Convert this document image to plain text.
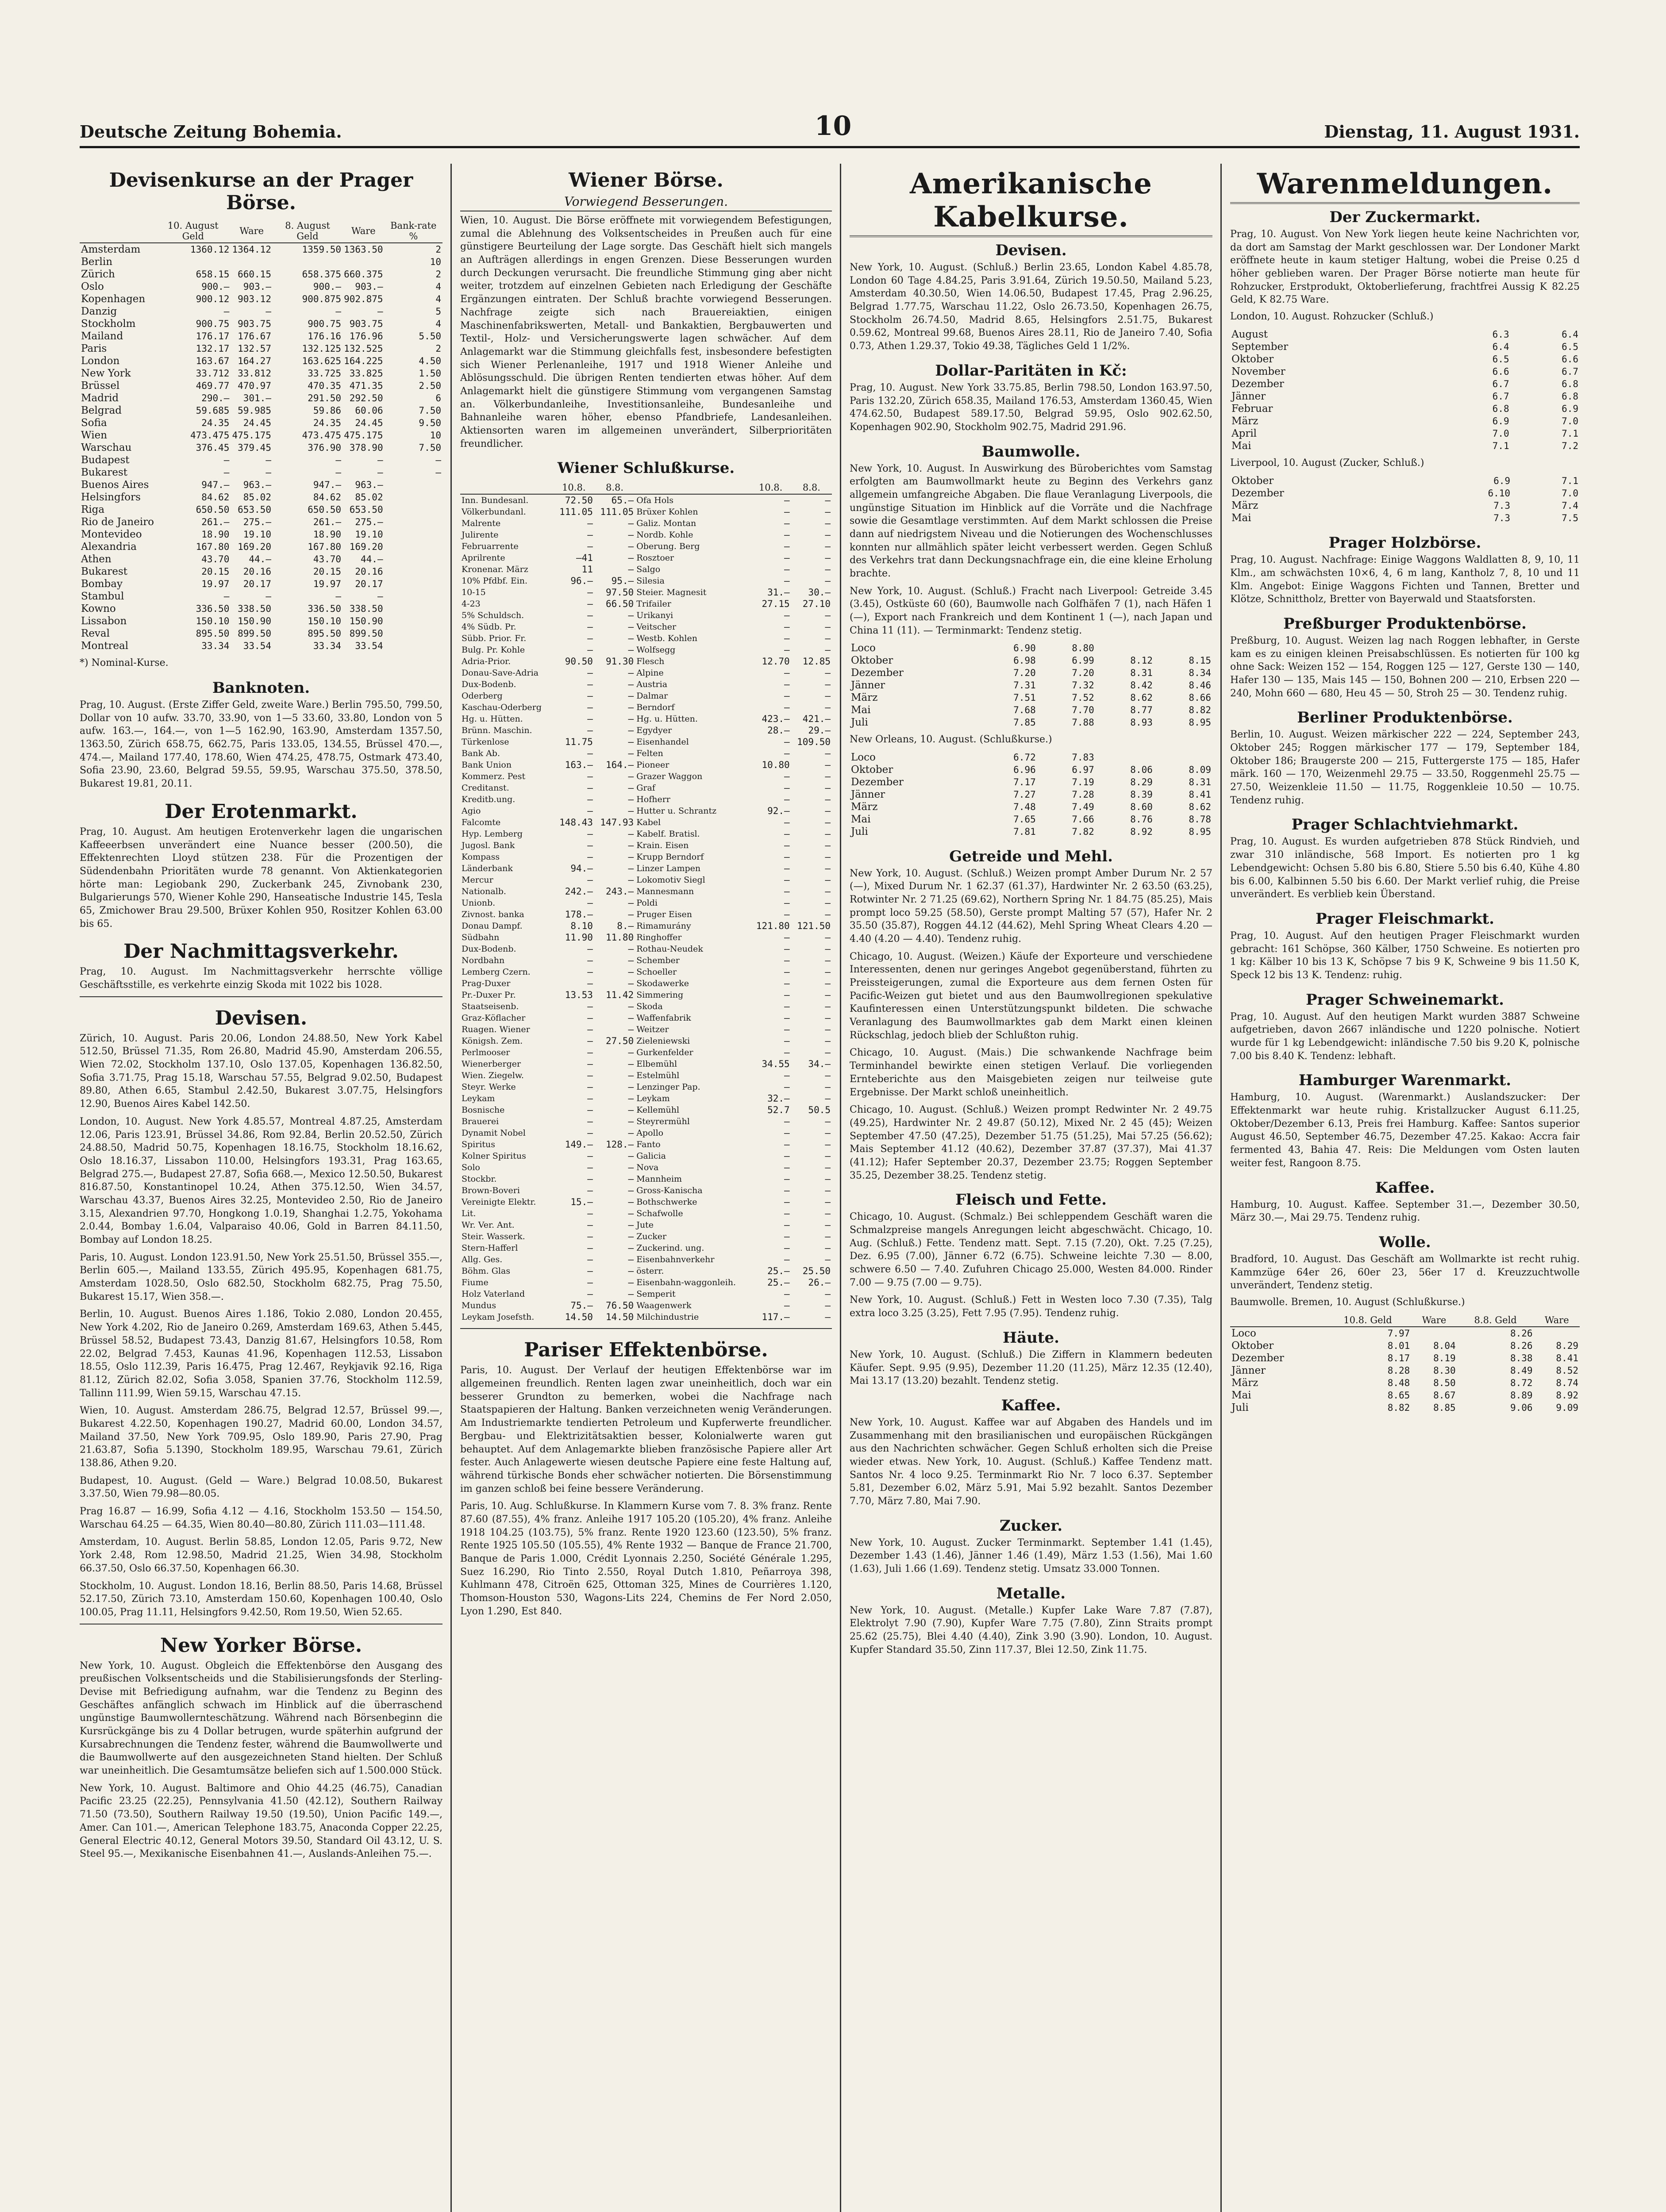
Deutsche Zeitung Bohemia.	10	Dienstag, 11. August 1931.
Devisenkurse an der Prager Börse.
	10. August Geld	Ware	8. August Geld	Ware	Bank-rate %
Amsterdam	1360.12	1364.12	1359.50	1363.50	2
Berlin					10
Zürich	658.15	660.15	658.375	660.375	2
Oslo	900.—	903.—	900.—	903.—	4
Kopenhagen	900.12	903.12	900.875	902.875	4
Danzig	—	—	—	—	5
Stockholm	900.75	903.75	900.75	903.75	4
Mailand	176.17	176.67	176.16	176.96	5.50
Paris	132.17	132.57	132.125	132.525	2
London	163.67	164.27	163.625	164.225	4.50
New York	33.712	33.812	33.725	33.825	1.50
Brüssel	469.77	470.97	470.35	471.35	2.50
Madrid	290.—	301.—	291.50	292.50	6
Belgrad	59.685	59.985	59.86	60.06	7.50
Sofia	24.35	24.45	24.35	24.45	9.50
Wien	473.475	475.175	473.475	475.175	10
Warschau	376.45	379.45	376.90	378.90	7.50
Budapest	—	—	—	—	—
Bukarest	—	—	—	—	—
Buenos Aires	947.—	963.—	947.—	963.—	
Helsingfors	84.62	85.02	84.62	85.02	
Riga	650.50	653.50	650.50	653.50	
Rio de Janeiro	261.—	275.—	261.—	275.—	
Montevideo	18.90	19.10	18.90	19.10	
Alexandria	167.80	169.20	167.80	169.20	
Athen	43.70	44.—	43.70	44.—	
Bukarest	20.15	20.16	20.15	20.16	
Bombay	19.97	20.17	19.97	20.17	
Stambul	—	—	—	—	
Kowno	336.50	338.50	336.50	338.50	
Lissabon	150.10	150.90	150.10	150.90	
Reval	895.50	899.50	895.50	899.50	
Montreal	33.34	33.54	33.34	33.54	
*) Nominal-Kurse.
Banknoten.

Prag, 10. August. (Erste Ziffer Geld, zweite Ware.) Berlin 795.50, 799.50, Dollar von 10 aufw. 33.70, 33.90, von 1—5 33.60, 33.80, London von 5 aufw. 163.—, 164.—, von 1—5 162.90, 163.90, Amsterdam 1357.50, 1363.50, Zürich 658.75, 662.75, Paris 133.05, 134.55, Brüssel 470.—, 474.—, Mailand 177.40, 178.60, Wien 474.25, 478.75, Ostmark 473.40, Sofia 23.90, 23.60, Belgrad 59.55, 59.95, Warschau 375.50, 378.50, Bukarest 19.81, 20.11.

Der Erotenmarkt.

Prag, 10. August. Am heutigen Erotenverkehr lagen die ungarischen Kaffeeerbsen unverändert eine Nuance besser (200.50), die Effektenrechten Lloyd stützen 238. Für die Prozentigen der Südendenbahn Prioritäten wurde 78 genannt. Von Aktienkategorien hörte man: Legiobank 290, Zuckerbank 245, Zivnobank 230, Bulgarierungs 570, Wiener Kohle 290, Hanseatische Industrie 145, Tesla 65, Zmichower Brau 29.500, Brüxer Kohlen 950, Rositzer Kohlen 63.00 bis 65.

Der Nachmittagsverkehr.

Prag, 10. August. Im Nachmittagsverkehr herrschte völlige Geschäftsstille, es verkehrte einzig Skoda mit 1022 bis 1028.

Devisen.

Zürich, 10. August. Paris 20.06, London 24.88.50, New York Kabel 512.50, Brüssel 71.35, Rom 26.80, Madrid 45.90, Amsterdam 206.55, Wien 72.02, Stockholm 137.10, Oslo 137.05, Kopenhagen 136.82.50, Sofia 3.71.75, Prag 15.18, Warschau 57.55, Belgrad 9.02.50, Budapest 89.80, Athen 6.65, Stambul 2.42.50, Bukarest 3.07.75, Helsingfors 12.90, Buenos Aires Kabel 142.50.

London, 10. August. New York 4.85.57, Montreal 4.87.25, Amsterdam 12.06, Paris 123.91, Brüssel 34.86, Rom 92.84, Berlin 20.52.50, Zürich 24.88.50, Madrid 50.75, Kopenhagen 18.16.75, Stockholm 18.16.62, Oslo 18.16.37, Lissabon 110.00, Helsingfors 193.31, Prag 163.65, Belgrad 275.—, Budapest 27.87, Sofia 668.—, Mexico 12.50.50, Bukarest 816.87.50, Konstantinopel 10.24, Athen 375.12.50, Wien 34.57, Warschau 43.37, Buenos Aires 32.25, Montevideo 2.50, Rio de Janeiro 3.15, Alexandrien 97.70, Hongkong 1.0.19, Shanghai 1.2.75, Yokohama 2.0.44, Bombay 1.6.04, Valparaiso 40.06, Gold in Barren 84.11.50, Bombay auf London 18.25.

Paris, 10. August. London 123.91.50, New York 25.51.50, Brüssel 355.—, Berlin 605.—, Mailand 133.55, Zürich 495.95, Kopenhagen 681.75, Amsterdam 1028.50, Oslo 682.50, Stockholm 682.75, Prag 75.50, Bukarest 15.17, Wien 358.—.

Berlin, 10. August. Buenos Aires 1.186, Tokio 2.080, London 20.455, New York 4.202, Rio de Janeiro 0.269, Amsterdam 169.63, Athen 5.445, Brüssel 58.52, Budapest 73.43, Danzig 81.67, Helsingfors 10.58, Rom 22.02, Belgrad 7.453, Kaunas 41.96, Kopenhagen 112.53, Lissabon 18.55, Oslo 112.39, Paris 16.475, Prag 12.467, Reykjavik 92.16, Riga 81.12, Zürich 82.02, Sofia 3.058, Spanien 37.76, Stockholm 112.59, Tallinn 111.99, Wien 59.15, Warschau 47.15.

Wien, 10. August. Amsterdam 286.75, Belgrad 12.57, Brüssel 99.—, Bukarest 4.22.50, Kopenhagen 190.27, Madrid 60.00, London 34.57, Mailand 37.50, New York 709.95, Oslo 189.90, Paris 27.90, Prag 21.63.87, Sofia 5.1390, Stockholm 189.95, Warschau 79.61, Zürich 138.86, Athen 9.20.

Budapest, 10. August. (Geld — Ware.) Belgrad 10.08.50, Bukarest 3.37.50, Wien 79.98—80.05.

Prag 16.87 — 16.99, Sofia 4.12 — 4.16, Stockholm 153.50 — 154.50, Warschau 64.25 — 64.35, Wien 80.40—80.80, Zürich 111.03—111.48.

Amsterdam, 10. August. Berlin 58.85, London 12.05, Paris 9.72, New York 2.48, Rom 12.98.50, Madrid 21.25, Wien 34.98, Stockholm 66.37.50, Oslo 66.37.50, Kopenhagen 66.30.

Stockholm, 10. August. London 18.16, Berlin 88.50, Paris 14.68, Brüssel 52.17.50, Zürich 73.10, Amsterdam 150.60, Kopenhagen 100.40, Oslo 100.05, Prag 11.11, Helsingfors 9.42.50, Rom 19.50, Wien 52.65.

New Yorker Börse.

New York, 10. August. Obgleich die Effektenbörse den Ausgang des preußischen Volksentscheids und die Stabilisierungsfonds der Sterling-Devise mit Befriedigung aufnahm, war die Tendenz zu Beginn des Geschäftes anfänglich schwach im Hinblick auf die überraschend ungünstige Baumwollernteschätzung. Während nach Börsenbeginn die Kursrückgänge bis zu 4 Dollar betrugen, wurde späterhin aufgrund der Kursabrechnungen die Tendenz fester, während die Baumwollwerte und die Baumwollwerte auf den ausgezeichneten Stand hielten. Der Schluß war uneinheitlich. Die Gesamtumsätze beliefen sich auf 1.500.000 Stück.

New York, 10. August. Baltimore and Ohio 44.25 (46.75), Canadian Pacific 23.25 (22.25), Pennsylvania 41.50 (42.12), Southern Railway 71.50 (73.50), Southern Railway 19.50 (19.50), Union Pacific 149.—, Amer. Can 101.—, American Telephone 183.75, Anaconda Copper 22.25, General Electric 40.12, General Motors 39.50, Standard Oil 43.12, U. S. Steel 95.—, Mexikanische Eisenbahnen 41.—, Auslands-Anleihen 75.—.

Wiener Börse.
Vorwiegend Besserungen.

Wien, 10. August. Die Börse eröffnete mit vorwiegendem Befestigungen, zumal die Ablehnung des Volksentscheides in Preußen auch für eine günstigere Beurteilung der Lage sorgte. Das Geschäft hielt sich mangels an Aufträgen allerdings in engen Grenzen. Diese Besserungen wurden durch Deckungen verursacht. Die freundliche Stimmung ging aber nicht weiter, trotzdem auf einzelnen Gebieten nach Erledigung der Geschäfte Ergänzungen eintraten. Der Schluß brachte vorwiegend Besserungen. Nachfrage zeigte sich nach Brauereiaktien, einigen Maschinenfabrikswerten, Metall- und Bankaktien, Bergbauwerten und Textil-, Holz- und Versicherungswerte lagen schwächer. Auf dem Anlagemarkt war die Stimmung gleichfalls fest, insbesondere befestigten sich Wiener Perlenanleihe, 1917 und 1918 Wiener Anleihe und Ablösungsschuld. Die übrigen Renten tendierten etwas höher. Auf dem Anlagemarkt hielt die günstigere Stimmung vom vergangenen Samstag an. Völkerbundanleihe, Investitionsanleihe, Bundesanleihe und Bahnanleihe waren höher, ebenso Pfandbriefe, Landesanleihen. Aktiensorten waren im allgemeinen unverändert, Silberprioritäten freundlicher.

Wiener Schlußkurse.
	10.8.	8.8.		10.8.	8.8.
Inn. Bundesanl.	72.50	65.—	Ofa Hols	—	—
Völkerbundanl.	111.05	111.05	Brüxer Kohlen	—	—
Malrente	—	—	Galiz. Montan	—	—
Julirente	—	—	Nordb. Kohle	—	—
Februarrente	—	—	Oberung. Berg	—	—
Aprilrente	—41	—	Rosztoer	—	—
Kronenar. März	11	—	Salgo	—	—
10% Pfdbf. Ein.	96.—	95.—	Silesia	—	—
10-15	—	97.50	Steier. Magnesit	31.—	30.—
4-23	—	66.50	Trifailer	27.15	27.10
5% Schuldsch.	—	—	Urikanyi	—	—
4% Südb. Pr.	—	—	Veitscher	—	—
Sübb. Prior. Fr.	—	—	Westb. Kohlen	—	—
Bulg. Pr. Kohle	—	—	Wolfsegg	—	—
Adria-Prior.	90.50	91.30	Flesch	12.70	12.85
Donau-Save-Adria	—	—	Alpine	—	—
Dux-Bodenb.	—	—	Austria	—	—
Oderberg	—	—	Dalmar	—	—
Kaschau-Oderberg	—	—	Berndorf	—	—
Hg. u. Hütten.	—	—	Hg. u. Hütten.	423.—	421.—
Brünn. Maschin.	—	—	Egydyer	28.—	29.—
Türkenlose	11.75	—	Eisenhandel	—	109.50
Bank Ab.	—	—	Felten	—	—
Bank Union	163.—	164.—	Pioneer	10.80	—
Kommerz. Pest	—	—	Grazer Waggon	—	—
Creditanst.	—	—	Graf	—	—
Kreditb.ung.	—	—	Hofherr	—	—
Agio	—	—	Hutter u. Schrantz	92.—	—
Falcomte	148.43	147.93	Kabel	—	—
Hyp. Lemberg	—	—	Kabelf. Bratisl.	—	—
Jugosl. Bank	—	—	Krain. Eisen	—	—
Kompass	—	—	Krupp Berndorf	—	—
Länderbank	94.—	—	Linzer Lampen	—	—
Mercur	—	—	Lokomotiv Siegl	—	—
Nationalb.	242.—	243.—	Mannesmann	—	—
Unionb.	—	—	Poldi	—	—
Zivnost. banka	178.—	—	Pruger Eisen	—	—
Donau Dampf.	8.10	8.—	Rimamurány	121.80	121.50
Südbahn	11.90	11.80	Ringhoffer	—	—
Dux-Bodenb.	—	—	Rothau-Neudek	—	—
Nordbahn	—	—	Schember	—	—
Lemberg Czern.	—	—	Schoeller	—	—
Prag-Duxer	—	—	Skodawerke	—	—
Pr.-Duxer Pr.	13.53	11.42	Simmering	—	—
Staatseisenb.	—	—	Skoda	—	—
Graz-Köflacher	—	—	Waffenfabrik	—	—
Ruagen. Wiener	—	—	Weitzer	—	—
Königsh. Zem.	—	27.50	Zieleniewski	—	—
Perlmooser	—	—	Gurkenfelder	—	—
Wienerberger	—	—	Elbemühl	34.55	34.—
Wien. Ziegelw.	—	—	Estelmühl	—	—
Steyr. Werke	—	—	Lenzinger Pap.	—	—
Leykam	—	—	Leykam	32.—	—
Bosnische	—	—	Kellemühl	52.7	50.5
Brauerei	—	—	Steyrermühl	—	—
Dynamit Nobel	—	—	Apollo	—	—
Spiritus	149.—	128.—	Fanto	—	—
Kolner Spiritus	—	—	Galicia	—	—
Solo	—	—	Nova	—	—
Stockbr.	—	—	Mannheim	—	—
Brown-Boveri	—	—	Gross-Kanischa	—	—
Vereinigte Elektr.	15.—	—	Bothschwerke	—	—
Lit.	—	—	Schafwolle	—	—
Wr. Ver. Ant.	—	—	Jute	—	—
Steir. Wasserk.	—	—	Zucker	—	—
Stern-Hafferl	—	—	Zuckerind. ung.	—	—
Allg. Ges.	—	—	Eisenbahnverkehr	—	—
Böhm. Glas	—	—	österr.	25.—	25.50
Fiume	—	—	Eisenbahn-waggonleih.	25.—	26.—
Holz Vaterland	—	—	Semperit	—	—
Mundus	75.—	76.50	Waagenwerk	—	—
Leykam Josefsth.	14.50	14.50	Milchindustrie	117.—	—
Pariser Effektenbörse.

Paris, 10. August. Der Verlauf der heutigen Effektenbörse war im allgemeinen freundlich. Renten lagen zwar uneinheitlich, doch war ein besserer Grundton zu bemerken, wobei die Nachfrage nach Staatspapieren der Haltung. Banken verzeichneten wenig Veränderungen. Am Industriemarkte tendierten Petroleum und Kupferwerte freundlicher. Bergbau- und Elektrizitätsaktien besser, Kolonialwerte waren gut behauptet. Auf dem Anlagemarkte blieben französische Papiere aller Art fester. Auch Anlagewerte wiesen deutsche Papiere eine feste Haltung auf, während türkische Bonds eher schwächer notierten. Die Börsenstimmung im ganzen schloß bei feine bessere Veränderung.

Paris, 10. Aug. Schlußkurse. In Klammern Kurse vom 7. 8. 3% franz. Rente 87.60 (87.55), 4% franz. Anleihe 1917 105.20 (105.20), 4% franz. Anleihe 1918 104.25 (103.75), 5% franz. Rente 1920 123.60 (123.50), 5% franz. Rente 1925 105.50 (105.55), 4% Rente 1932 — Banque de France 21.700, Banque de Paris 1.000, Crédit Lyonnais 2.250, Société Générale 1.295, Suez 16.290, Rio Tinto 2.550, Royal Dutch 1.810, Peñarroya 398, Kuhlmann 478, Citroën 625, Ottoman 325, Mines de Courrières 1.120, Thomson-Houston 530, Wagons-Lits 224, Chemins de Fer Nord 2.050, Lyon 1.290, Est 840.

Amerikanische Kabelkurse.
Devisen.

New York, 10. August. (Schluß.) Berlin 23.65, London Kabel 4.85.78, London 60 Tage 4.84.25, Paris 3.91.64, Zürich 19.50.50, Mailand 5.23, Amsterdam 40.30.50, Wien 14.06.50, Budapest 17.45, Prag 2.96.25, Belgrad 1.77.75, Warschau 11.22, Oslo 26.73.50, Kopenhagen 26.75, Stockholm 26.74.50, Madrid 8.65, Helsingfors 2.51.75, Bukarest 0.59.62, Montreal 99.68, Buenos Aires 28.11, Rio de Janeiro 7.40, Sofia 0.73, Athen 1.29.37, Tokio 49.38, Tägliches Geld 1 1/2%.

Dollar-Paritäten in Kč:

Prag, 10. August. New York 33.75.85, Berlin 798.50, London 163.97.50, Paris 132.20, Zürich 658.35, Mailand 176.53, Amsterdam 1360.45, Wien 474.62.50, Budapest 589.17.50, Belgrad 59.95, Oslo 902.62.50, Kopenhagen 902.90, Stockholm 902.75, Madrid 291.96.

Baumwolle.

New York, 10. August. In Auswirkung des Büroberichtes vom Samstag erfolgten am Baumwollmarkt heute zu Beginn des Verkehrs ganz allgemein umfangreiche Abgaben. Die flaue Veranlagung Liverpools, die ungünstige Situation im Hinblick auf die Vorräte und die Nachfrage sowie die Gesamtlage verstimmten. Auf dem Markt schlossen die Preise dann auf niedrigstem Niveau und die Notierungen des Wochenschlusses konnten nur allmählich später leicht verbessert werden. Gegen Schluß des Verkehrs trat dann Deckungsnachfrage ein, die eine kleine Erholung brachte.

New York, 10. August. (Schluß.) Fracht nach Liverpool: Getreide 3.45 (3.45), Ostküste 60 (60), Baumwolle nach Golfhäfen 7 (1), nach Häfen 1 (—), Export nach Frankreich und dem Kontinent 1 (—), nach Japan und China 11 (11). — Terminmarkt: Tendenz stetig.

Loco	6.90	8.80		
Oktober	6.98	6.99	8.12	8.15
Dezember	7.20	7.20	8.31	8.34
Jänner	7.31	7.32	8.42	8.46
März	7.51	7.52	8.62	8.66
Mai	7.68	7.70	8.77	8.82
Juli	7.85	7.88	8.93	8.95
New Orleans, 10. August. (Schlußkurse.)
Loco	6.72	7.83		
Oktober	6.96	6.97	8.06	8.09
Dezember	7.17	7.19	8.29	8.31
Jänner	7.27	7.28	8.39	8.41
März	7.48	7.49	8.60	8.62
Mai	7.65	7.66	8.76	8.78
Juli	7.81	7.82	8.92	8.95
Getreide und Mehl.

New York, 10. August. (Schluß.) Weizen prompt Amber Durum Nr. 2 57 (—), Mixed Durum Nr. 1 62.37 (61.37), Hardwinter Nr. 2 63.50 (63.25), Rotwinter Nr. 2 71.25 (69.62), Northern Spring Nr. 1 84.75 (85.25), Mais prompt loco 59.25 (58.50), Gerste prompt Malting 57 (57), Hafer Nr. 2 35.50 (35.87), Roggen 44.12 (44.62), Mehl Spring Wheat Clears 4.20 — 4.40 (4.20 — 4.40). Tendenz ruhig.

Chicago, 10. August. (Weizen.) Käufe der Exporteure und verschiedene Interessenten, denen nur geringes Angebot gegenüberstand, führten zu Preissteigerungen, zumal die Exporteure aus dem fernen Osten für Pacific-Weizen gut bietet und aus den Baumwollregionen spekulative Kaufinteressen einen Unterstützungspunkt bildeten. Die schwache Veranlagung des Baumwollmarktes gab dem Markt einen kleinen Rückschlag, jedoch blieb der Schlußton ruhig.

Chicago, 10. August. (Mais.) Die schwankende Nachfrage beim Terminhandel bewirkte einen stetigen Verlauf. Die vorliegenden Ernteberichte aus den Maisgebieten zeigen nur teilweise gute Ergebnisse. Der Markt schloß uneinheitlich.

Chicago, 10. August. (Schluß.) Weizen prompt Redwinter Nr. 2 49.75 (49.25), Hardwinter Nr. 2 49.87 (50.12), Mixed Nr. 2 45 (45); Weizen September 47.50 (47.25), Dezember 51.75 (51.25), Mai 57.25 (56.62); Mais September 41.12 (40.62), Dezember 37.87 (37.37), Mai 41.37 (41.12); Hafer September 20.37, Dezember 23.75; Roggen September 35.25, Dezember 38.25. Tendenz stetig.

Fleisch und Fette.

Chicago, 10. August. (Schmalz.) Bei schleppendem Geschäft waren die Schmalzpreise mangels Anregungen leicht abgeschwächt. Chicago, 10. Aug. (Schluß.) Fette. Tendenz matt. Sept. 7.15 (7.20), Okt. 7.25 (7.25), Dez. 6.95 (7.00), Jänner 6.72 (6.75). Schweine leichte 7.30 — 8.00, schwere 6.50 — 7.40. Zufuhren Chicago 25.000, Westen 84.000. Rinder 7.00 — 9.75 (7.00 — 9.75).

New York, 10. August. (Schluß.) Fett in Westen loco 7.30 (7.35), Talg extra loco 3.25 (3.25), Fett 7.95 (7.95). Tendenz ruhig.

Häute.

New York, 10. August. (Schluß.) Die Ziffern in Klammern bedeuten Käufer. Sept. 9.95 (9.95), Dezember 11.20 (11.25), März 12.35 (12.40), Mai 13.17 (13.20) bezahlt. Tendenz stetig.

Kaffee.

New York, 10. August. Kaffee war auf Abgaben des Handels und im Zusammenhang mit den brasilianischen und europäischen Rückgängen aus den Nachrichten schwächer. Gegen Schluß erholten sich die Preise wieder etwas. New York, 10. August. (Schluß.) Kaffee Tendenz matt. Santos Nr. 4 loco 9.25. Terminmarkt Rio Nr. 7 loco 6.37. September 5.81, Dezember 6.02, März 5.91, Mai 5.92 bezahlt. Santos Dezember 7.70, März 7.80, Mai 7.90.

Zucker.

New York, 10. August. Zucker Terminmarkt. September 1.41 (1.45), Dezember 1.43 (1.46), Jänner 1.46 (1.49), März 1.53 (1.56), Mai 1.60 (1.63), Juli 1.66 (1.69). Tendenz stetig. Umsatz 33.000 Tonnen.

Metalle.

New York, 10. August. (Metalle.) Kupfer Lake Ware 7.87 (7.87), Elektrolyt 7.90 (7.90), Kupfer Ware 7.75 (7.80), Zinn Straits prompt 25.62 (25.75), Blei 4.40 (4.40), Zink 3.90 (3.90). London, 10. August. Kupfer Standard 35.50, Zinn 117.37, Blei 12.50, Zink 11.75.

Warenmeldungen.
Der Zuckermarkt.

Prag, 10. August. Von New York liegen heute keine Nachrichten vor, da dort am Samstag der Markt geschlossen war. Der Londoner Markt eröffnete heute in kaum stetiger Haltung, wobei die Preise 0.25 d höher geblieben waren. Der Prager Börse notierte man heute für Rohzucker, Erstprodukt, Oktoberlieferung, frachtfrei Aussig K 82.25 Geld, K 82.75 Ware.

London, 10. August. Rohzucker (Schluß.)
August	6.3	6.4
September	6.4	6.5
Oktober	6.5	6.6
November	6.6	6.7
Dezember	6.7	6.8
Jänner	6.7	6.8
Februar	6.8	6.9
März	6.9	7.0
April	7.0	7.1
Mai	7.1	7.2
Liverpool, 10. August (Zucker, Schluß.)
Oktober	6.9	7.1
Dezember	6.10	7.0
März	7.3	7.4
Mai	7.3	7.5
Prager Holzbörse.

Prag, 10. August. Nachfrage: Einige Waggons Waldlatten 8, 9, 10, 11 Klm., am schwächsten 10×6, 4, 6 m lang, Kantholz 7, 8, 10 und 11 Klm. Angebot: Einige Waggons Fichten und Tannen, Bretter und Klötze, Schnittholz, Bretter von Bayerwald und Staatsforsten.

Preßburger Produktenbörse.

Preßburg, 10. August. Weizen lag nach Roggen lebhafter, in Gerste kam es zu einigen kleinen Preisabschlüssen. Es notierten für 100 kg ohne Sack: Weizen 152 — 154, Roggen 125 — 127, Gerste 130 — 140, Hafer 130 — 135, Mais 145 — 150, Bohnen 200 — 210, Erbsen 220 — 240, Mohn 660 — 680, Heu 45 — 50, Stroh 25 — 30. Tendenz ruhig.

Berliner Produktenbörse.

Berlin, 10. August. Weizen märkischer 222 — 224, September 243, Oktober 245; Roggen märkischer 177 — 179, September 184, Oktober 186; Braugerste 200 — 215, Futtergerste 175 — 185, Hafer märk. 160 — 170, Weizenmehl 29.75 — 33.50, Roggenmehl 25.75 — 27.50, Weizenkleie 11.50 — 11.75, Roggenkleie 10.50 — 10.75. Tendenz ruhig.

Prager Schlachtviehmarkt.

Prag, 10. August. Es wurden aufgetrieben 878 Stück Rindvieh, und zwar 310 inländische, 568 Import. Es notierten pro 1 kg Lebendgewicht: Ochsen 5.80 bis 6.80, Stiere 5.50 bis 6.40, Kühe 4.80 bis 6.00, Kalbinnen 5.50 bis 6.60. Der Markt verlief ruhig, die Preise unverändert. Es verblieb kein Überstand.

Prager Fleischmarkt.

Prag, 10. August. Auf den heutigen Prager Fleischmarkt wurden gebracht: 161 Schöpse, 360 Kälber, 1750 Schweine. Es notierten pro 1 kg: Kälber 10 bis 13 K, Schöpse 7 bis 9 K, Schweine 9 bis 11.50 K, Speck 12 bis 13 K. Tendenz: ruhig.

Prager Schweinemarkt.

Prag, 10. August. Auf den heutigen Markt wurden 3887 Schweine aufgetrieben, davon 2667 inländische und 1220 polnische. Notiert wurde für 1 kg Lebendgewicht: inländische 7.50 bis 9.20 K, polnische 7.00 bis 8.40 K. Tendenz: lebhaft.

Hamburger Warenmarkt.

Hamburg, 10. August. (Warenmarkt.) Auslandszucker: Der Effektenmarkt war heute ruhig. Kristallzucker August 6.11.25, Oktober/Dezember 6.13, Preis frei Hamburg. Kaffee: Santos superior August 46.50, September 46.75, Dezember 47.25. Kakao: Accra fair fermented 43, Bahia 47. Reis: Die Meldungen vom Osten lauten weiter fest, Rangoon 8.75.

Kaffee.

Hamburg, 10. August. Kaffee. September 31.—, Dezember 30.50, März 30.—, Mai 29.75. Tendenz ruhig.

Wolle.

Bradford, 10. August. Das Geschäft am Wollmarkte ist recht ruhig. Kammzüge 64er 26, 60er 23, 56er 17 d. Kreuzzuchtwolle unverändert, Tendenz stetig.

Baumwolle. Bremen, 10. August (Schlußkurse.)
	10.8. Geld	Ware	8.8. Geld	Ware
Loco	7.97		8.26	
Oktober	8.01	8.04	8.26	8.29
Dezember	8.17	8.19	8.38	8.41
Jänner	8.28	8.30	8.49	8.52
März	8.48	8.50	8.72	8.74
Mai	8.65	8.67	8.89	8.92
Juli	8.82	8.85	9.06	9.09
